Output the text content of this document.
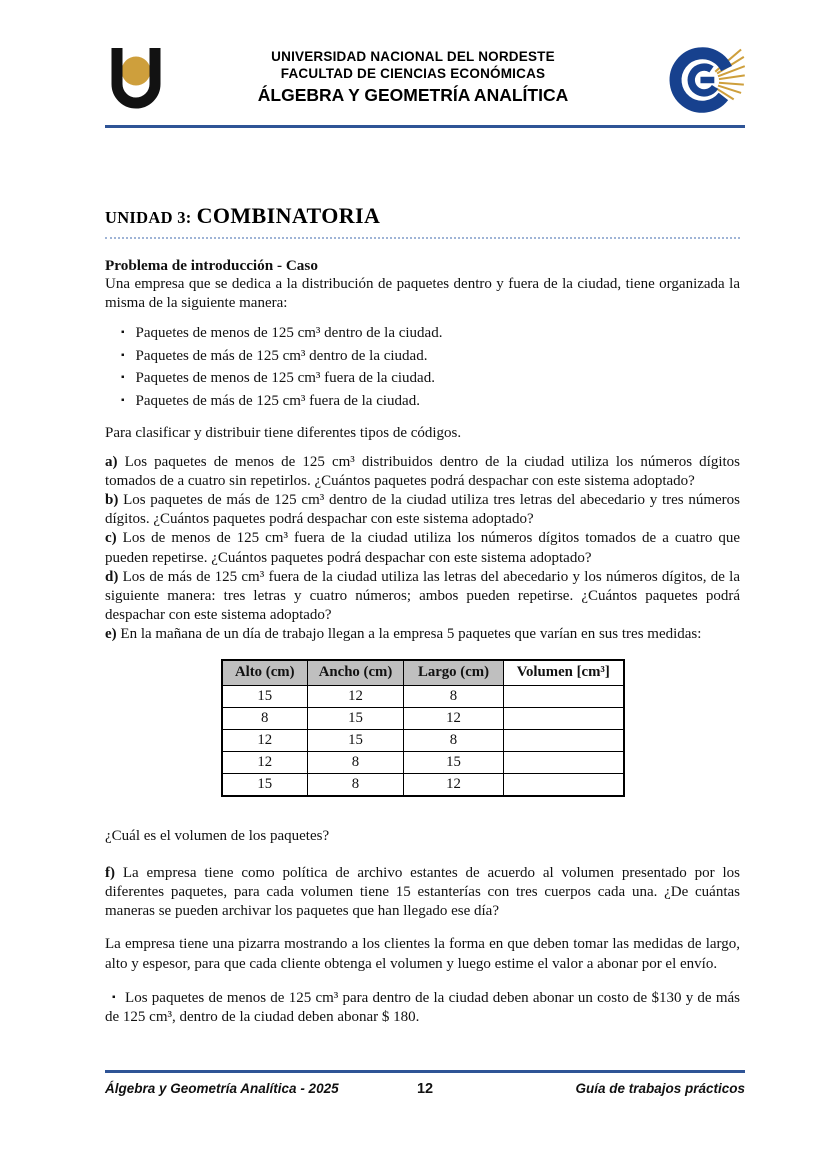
UNIVERSIDAD NACIONAL DEL NORDESTE
FACULTAD DE CIENCIAS ECONÓMICAS
ÁLGEBRA Y GEOMETRÍA ANALÍTICA
UNIDAD 3: COMBINATORIA

Problema de introducción - Caso

Una empresa que se dedica a la distribución de paquetes dentro y fuera de la ciudad, tiene organizada la misma de la siguiente manera:

▪ Paquetes de menos de 125 cm³ dentro de la ciudad.
▪ Paquetes de más de 125 cm³ dentro de la ciudad.
▪ Paquetes de menos de 125 cm³ fuera de la ciudad.
▪ Paquetes de más de 125 cm³ fuera de la ciudad.

Para clasificar y distribuir tiene diferentes tipos de códigos.

a) Los paquetes de menos de 125 cm³ distribuidos dentro de la ciudad utiliza los números dígitos tomados de a cuatro sin repetirlos. ¿Cuántos paquetes podrá despachar con este sistema adoptado?

b) Los paquetes de más de 125 cm³ dentro de la ciudad utiliza tres letras del abecedario y tres números dígitos. ¿Cuántos paquetes podrá despachar con este sistema adoptado?

c) Los de menos de 125 cm³ fuera de la ciudad utiliza los números dígitos tomados de a cuatro que pueden repetirse. ¿Cuántos paquetes podrá despachar con este sistema adoptado?

d) Los de más de 125 cm³ fuera de la ciudad utiliza las letras del abecedario y los números dígitos, de la siguiente manera: tres letras y cuatro números; ambos pueden repetirse. ¿Cuántos paquetes podrá despachar con este sistema adoptado?

e) En la mañana de un día de trabajo llegan a la empresa 5 paquetes que varían en sus tres medidas:

Alto (cm)	Ancho (cm)	Largo (cm)	Volumen [cm³]
15	12	8	
8	15	12	
12	15	8	
12	8	15	
15	8	12	

¿Cuál es el volumen de los paquetes?

f) La empresa tiene como política de archivo estantes de acuerdo al volumen presentado por los diferentes paquetes, para cada volumen tiene 15 estanterías con tres cuerpos cada una. ¿De cuántas maneras se pueden archivar los paquetes que han llegado ese día?

La empresa tiene una pizarra mostrando a los clientes la forma en que deben tomar las medidas de largo, alto y espesor, para que cada cliente obtenga el volumen y luego estime el valor a abonar por el envío.

▪ Los paquetes de menos de 125 cm³ para dentro de la ciudad deben abonar un costo de $130 y de más de 125 cm³, dentro de la ciudad deben abonar $ 180.

Álgebra y Geometría Analítica - 2025	12	Guía de trabajos prácticos
